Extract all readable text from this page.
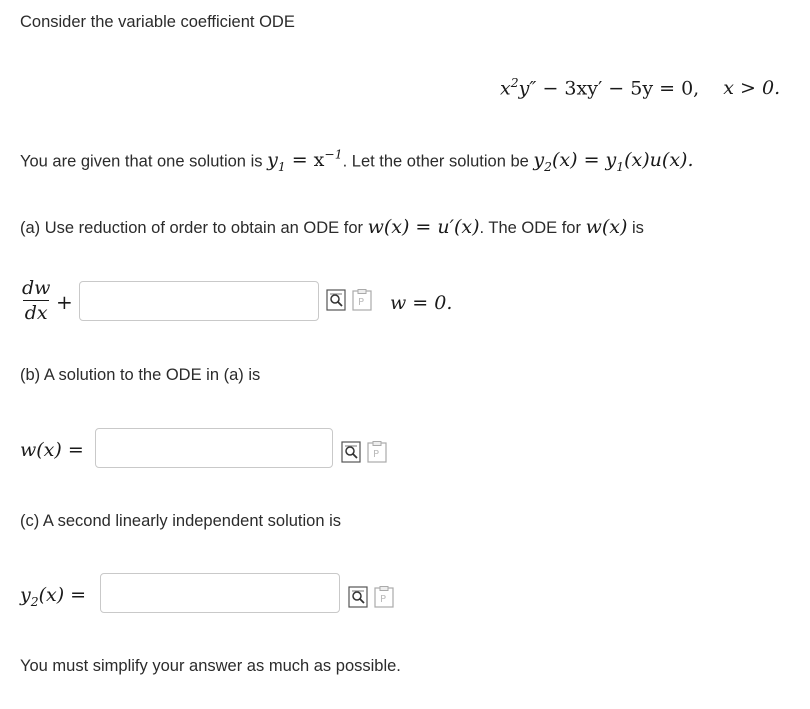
Consider the variable coefficient ODE
$x^2y'' - 3xy' - 5y = 0$, x > 0.
You are given that one solution is $y_1 = x^{-1}$. Let the other solution be $y_2(x) = y_1(x)u(x)$.
(a) Use reduction of order to obtain an ODE for w(x) = u′(x). The ODE for w(x) is
dw
dx +	P w = 0.
(b) A solution to the ODE in (a) is
w(x) =	P
(c) A second linearly independent solution is
$y_2(x)$ =	P
You must simplify your answer as much as possible.
